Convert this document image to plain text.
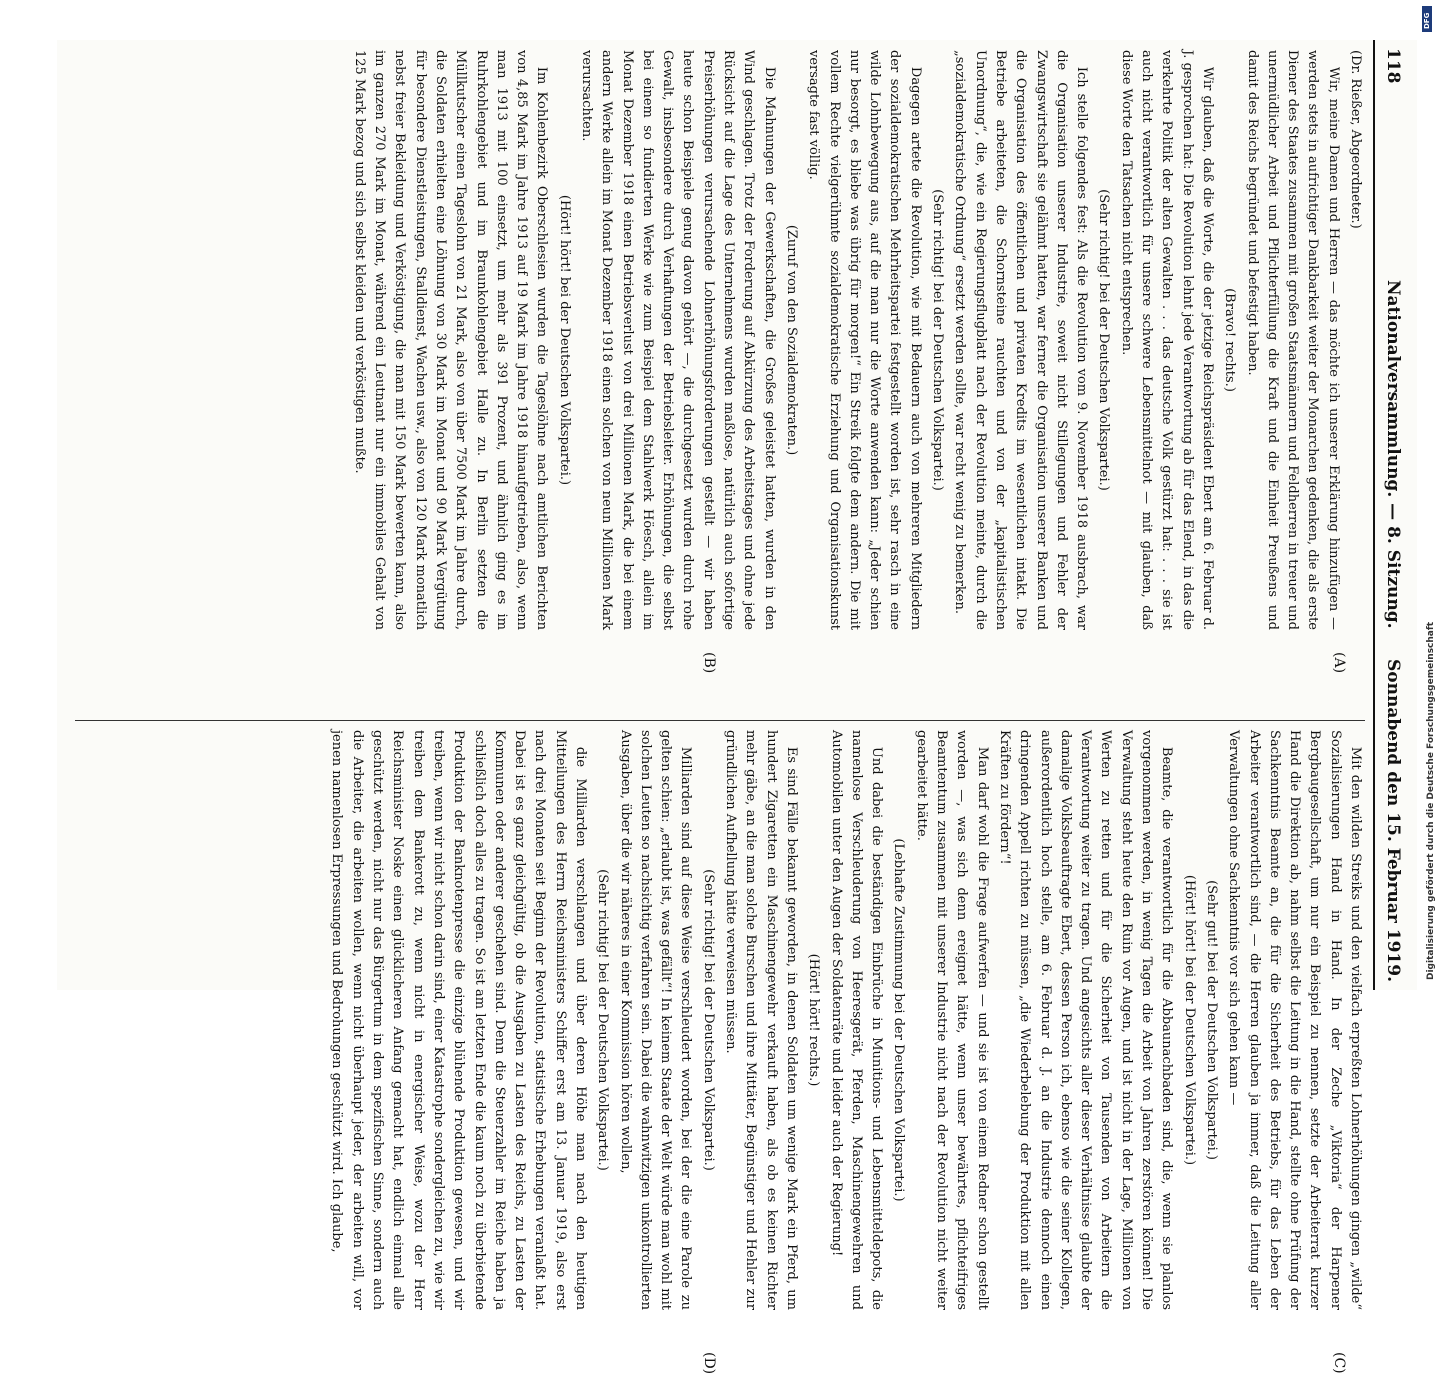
118
Nationalversammlung. — 8. Sitzung.
Sonnabend den 15. Februar 1919.

(Dr. Rießer, Abgeordneter.)

Wir, meine Damen und Herren — das möchte ich unserer Erklärung hinzufügen — werden stets in aufrichtiger Dankbarkeit weiter der Monarchen gedenken, die als erste Diener des Staates zusammen mit großen Staatsmännern und Feldherren in treuer und unermüdlicher Arbeit und Pflichterfüllung die Kraft und die Einheit Preußens und damit des Reichs begründet und befestigt haben.

(Bravo! rechts.)

Wir glauben, daß die Worte, die der jetzige Reichspräsident Ebert am 6. Februar d. J. gesprochen hat: Die Revolution lehnt jede Verantwortung ab für das Elend, in das die verkehrte Politik der alten Gewalten . . . das deutsche Volk gestürzt hat: . . . sie ist auch nicht verantwortlich für unsere schwere Lebensmittelnot — mit glauben, daß diese Worte den Tatsachen nicht entsprechen.

(Sehr richtig! bei der Deutschen Volkspartei.)

Ich stelle folgendes fest: Als die Revolution vom 9. November 1918 ausbrach, war die Organisation unserer Industrie, soweit nicht Stillegungen und Fehler der Zwangswirtschaft sie gelähmt hatten, war ferner die Organisation unserer Banken und die Organisation des öffentlichen und privaten Kredits im wesentlichen intakt. Die Betriebe arbeiteten, die Schornsteine rauchten und von der „kapitalistischen Unordnung“, die, wie ein Regierungsflugblatt nach der Revolution meinte, durch die „sozialdemokratische Ordnung“ ersetzt werden sollte, war recht wenig zu bemerken.

(Sehr richtig! bei der Deutschen Volkspartei.)

Dagegen artete die Revolution, wie mit Bedauern auch von mehreren Mitgliedern der sozialdemokratischen Mehrheitspartei festgestellt worden ist, sehr rasch in eine wilde Lohnbewegung aus, auf die man nur die Worte anwenden kann: „Jeder schien nur besorgt, es bliebe was übrig für morgen!“ Ein Streik folgte dem andern. Die mit vollem Rechte vielgerühmte sozialdemokratische Erziehung und Organisationskunst versagte fast völlig.

(Zuruf von den Sozialdemokraten.)

Die Mahnungen der Gewerkschaften, die Großes geleistet hatten, wurden in den Wind geschlagen. Trotz der Forderung auf Abkürzung des Arbeitstages und ohne jede Rücksicht auf die Lage des Unternehmens wurden maßlose, natürlich auch sofortige Preiserhöhungen verursachende Lohnerhöhungsforderungen gestellt — wir haben heute schon Beispiele genug davon gehört —, die durchgesetzt wurden durch rohe Gewalt, insbesondere durch Verhaftungen der Betriebsleiter. Erhöhungen, die selbst bei einem so fundierten Werke wie zum Beispiel dem Stahlwerk Höesch, allein im Monat Dezember 1918 einen Betriebsverlust von drei Millionen Mark, die bei einem andern Werke allein im Monat Dezember 1918 einen solchen von neun Millionen Mark verursachten.

(Hört! hört! bei der Deutschen Volkspartei.)

Im Kohlenbezirk Oberschlesien wurden die Tageslöhne nach amtlichen Berichten von 4,85 Mark im Jahre 1913 auf 19 Mark im Jahre 1918 hinaufgetrieben, also, wenn man 1913 mit 100 einsetzt, um mehr als 391 Prozent, und ähnlich ging es im Ruhrkohlengebiet und im Braunkohlengebiet Halle zu. In Berlin setzten die Müllkutscher einen Tageslohn von 21 Mark, also von über 7500 Mark im Jahre durch, die Soldaten erhielten eine Löhnung von 30 Mark im Monat und 90 Mark Vergütung für besondere Dienstleistungen, Stalldienst, Wachen usw., also von 120 Mark monatlich nebst freier Bekleidung und Verköstigung, die man mit 150 Mark bewerten kann, also im ganzen 270 Mark im Monat, während ein Leutnant nur ein immobiles Gehalt von 125 Mark bezog und sich selbst kleiden und verköstigen mußte.

Mit den wilden Streiks und den vielfach erpreßten Lohnerhöhungen gingen „wilde“ Sozialisierungen Hand in Hand. In der Zeche „Viktoria“ der Harpener Bergbaugesellschaft, um nur ein Beispiel zu nennen, setzte der Arbeiterrat kurzer Hand die Direktion ab, nahm selbst die Leitung in die Hand, stellte ohne Prüfung der Sachkenntnis Beamte an, die für die Sicherheit des Betriebs, für das Leben der Arbeiter verantwortlich sind, — die Herren glauben ja immer, daß die Leitung aller Verwaltungen ohne Sachkenntnis vor sich gehen kann —

(Sehr gut! bei der Deutschen Volkspartei.)

(Hört! hört! bei der Deutschen Volkspartei.)

Beamte, die verantwortlich für die Abbaunachbaden sind, die, wenn sie planlos vorgenommen werden, in wenig Tagen die Arbeit von Jahren zerstören können! Die Verwaltung steht heute den Ruin vor Augen, und ist nicht in der Lage, Millionen von Werten zu retten und für die Sicherheit von Tausenden von Arbeitern die Verantwortung weiter zu tragen. Und angesichts aller dieser Verhältnisse glaubte der damalige Volksbeauftragte Ebert, dessen Person ich, ebenso wie die seiner Kollegen, außerordentlich hoch stelle, am 6. Februar d. J. an die Industrie dennoch einen dringenden Appell richten zu müssen, „die Wiederbelebung der Produktion mit allen Kräften zu fördern“!

Man darf wohl die Frage aufwerfen — und sie ist von einem Redner schon gestellt worden —, was sich denn ereignet hätte, wenn unser bewährtes, pflichteifriges Beamtentum zusammen mit unserer Industrie nicht nach der Revolution nicht weiter gearbeitet hätte.

(Lebhafte Zustimmung bei der Deutschen Volkspartei.)

Und dabei die beständigen Einbrüche in Munitions- und Lebensmitteldepots, die namenlose Verschleuderung von Heeresgerät, Pferden, Maschinengewehren und Automobilen unter den Augen der Soldatenräte und leider auch der Regierung!

(Hört! hört! rechts.)

Es sind Fälle bekannt geworden, in denen Soldaten um wenige Mark ein Pferd, um hundert Zigaretten ein Maschinengewehr verkauft haben, als ob es keinen Richter mehr gäbe, an die man solche Burschen und ihre Mittäter, Begünstiger und Hehler zur gründlichen Aufhellung hätte verweisen müssen.

(Sehr richtig! bei der Deutschen Volkspartei.)

Milliarden sind auf diese Weise verschleudert worden, bei der die eine Parole zu gelten schien: „erlaubt ist, was gefällt“! In keinem Staate der Welt würde man wohl mit solchen Leuten so nachsichtig verfahren sein. Dabei die wahnwitzigen unkontrollierten Ausgaben, über die wir näheres in einer Kommission hören wollen,

(Sehr richtig! bei der Deutschen Volkspartei.)

die Milliarden verschlangen und über deren Höhe man nach den heutigen Mitteilungen des Herrn Reichsministers Schiffer erst am 13. Januar 1919, also erst nach drei Monaten seit Beginn der Revolution, statistische Erhebungen veranlaßt hat. Dabei ist es ganz gleichgültig, ob die Ausgaben zu Lasten des Reichs, zu Lasten der Kommunen oder anderer geschehen sind. Denn die Steuerzahler im Reiche haben ja schließlich doch alles zu tragen. So ist am letzten Ende die kaum noch zu überbietende Produktion der Banknotenpresse die einzige blühende Produktion gewesen, und wir treiben, wenn wir nicht schon darin sind, einer Katastrophe sondergleichen zu, wie wir treiben dem Bankerott zu, wenn nicht in energischer Weise, wozu der Herr Reichsminister Noske einen glücklicheren Anfang gemacht hat, endlich einmal alle geschützt werden, nicht nur das Bürgertum in dem spezifischen Sinne, sondern auch die Arbeiter, die arbeiten wollen, wenn nicht überhaupt jeder, der arbeiten will, vor jenen namenlosen Erpressungen und Bedrohungen geschützt wird. Ich glaube,

(A)
(B)
(C)
(D)
DFG
Digitalisierung gefördert durch die Deutsche Forschungsgemeinschaft
